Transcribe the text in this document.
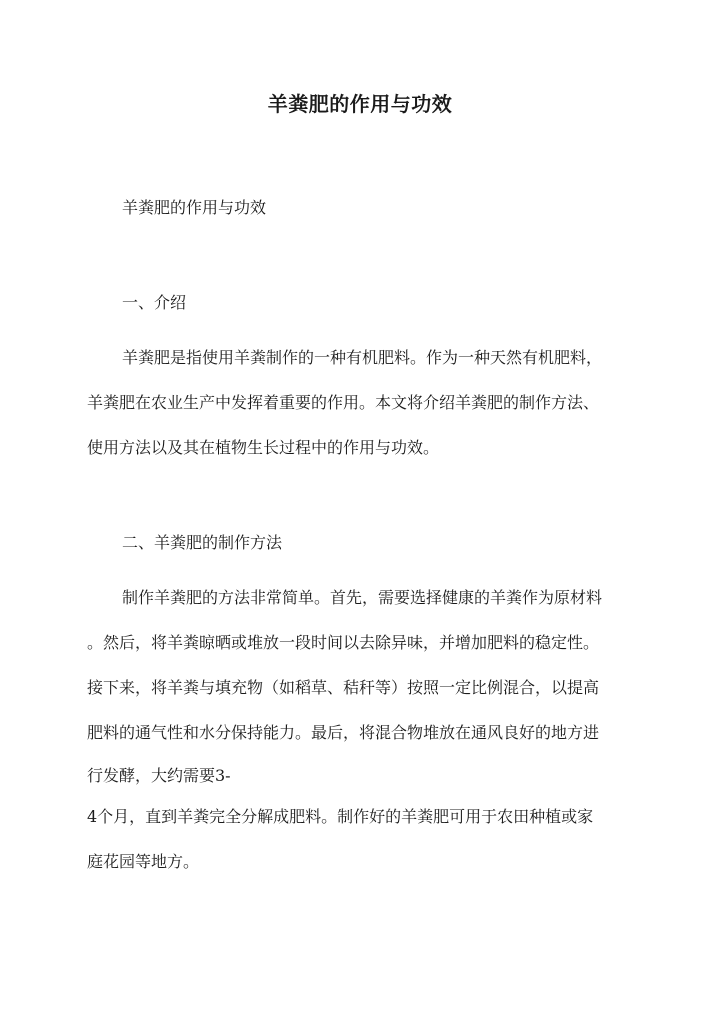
羊粪肥的作用与功效
羊粪肥的作用与功效
一、介绍
羊粪肥是指使用羊粪制作的一种有机肥料。作为一种天然有机肥料，
羊粪肥在农业生产中发挥着重要的作用。本文将介绍羊粪肥的制作方法、
使用方法以及其在植物生长过程中的作用与功效。
二、羊粪肥的制作方法
制作羊粪肥的方法非常简单。首先，需要选择健康的羊粪作为原材料
。然后，将羊粪晾晒或堆放一段时间以去除异味，并增加肥料的稳定性。
接下来，将羊粪与填充物（如稻草、秸秆等）按照一定比例混合，以提高
肥料的通气性和水分保持能力。最后，将混合物堆放在通风良好的地方进
行发酵，大约需要3-
4个月，直到羊粪完全分解成肥料。制作好的羊粪肥可用于农田种植或家
庭花园等地方。
